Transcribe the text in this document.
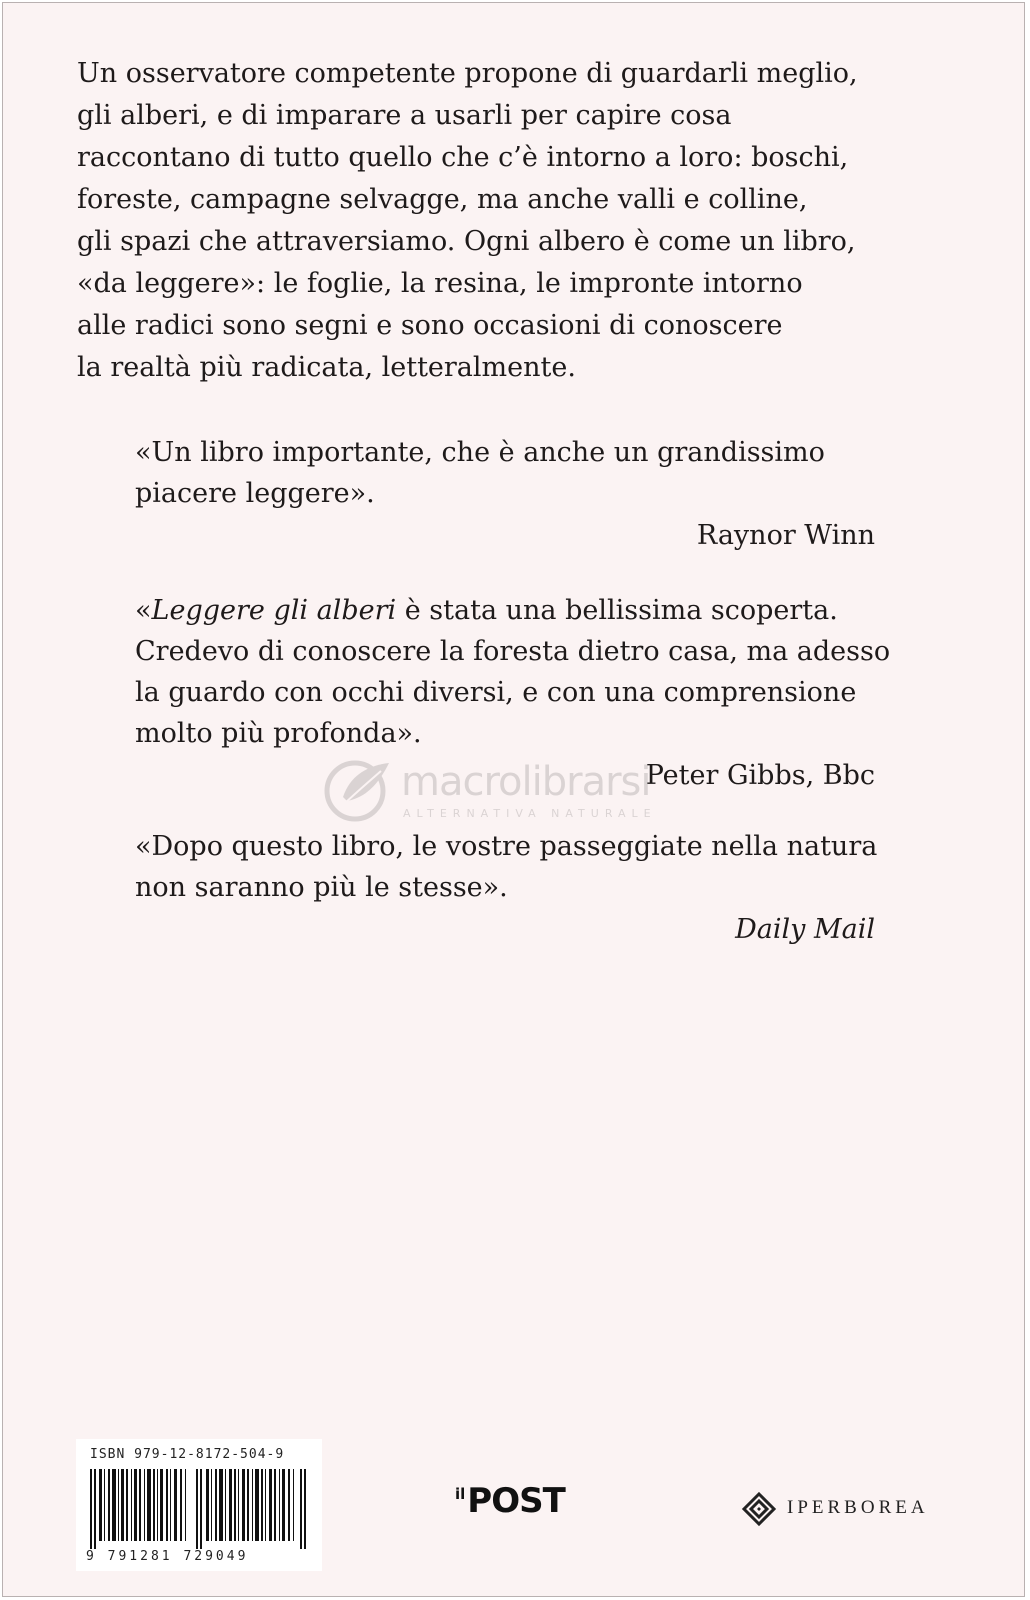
Un osservatore competente propone di guardarli meglio,
gli alberi, e di imparare a usarli per capire cosa
raccontano di tutto quello che c’è intorno a loro: boschi,
foreste, campagne selvagge, ma anche valli e colline,
gli spazi che attraversiamo. Ogni albero è come un libro,
«da leggere»: le foglie, la resina, le impronte intorno
alle radici sono segni e sono occasioni di conoscere
la realtà più radicata, letteralmente.

«Un libro importante, che è anche un grandissimo
piacere leggere».

Raynor Winn

«Leggere gli alberi è stata una bellissima scoperta.
Credevo di conoscere la foresta dietro casa, ma adesso
la guardo con occhi diversi, e con una comprensione
molto più profonda».

Peter Gibbs, Bbc

«Dopo questo libro, le vostre passeggiate nella natura
non saranno più le stesse».

Daily Mail
macrolibrarsi
ALTERNATIVA NATURALE
ISBN 979-12-8172-504-9
9 791281 729049
ilPOST	IPERBOREA
